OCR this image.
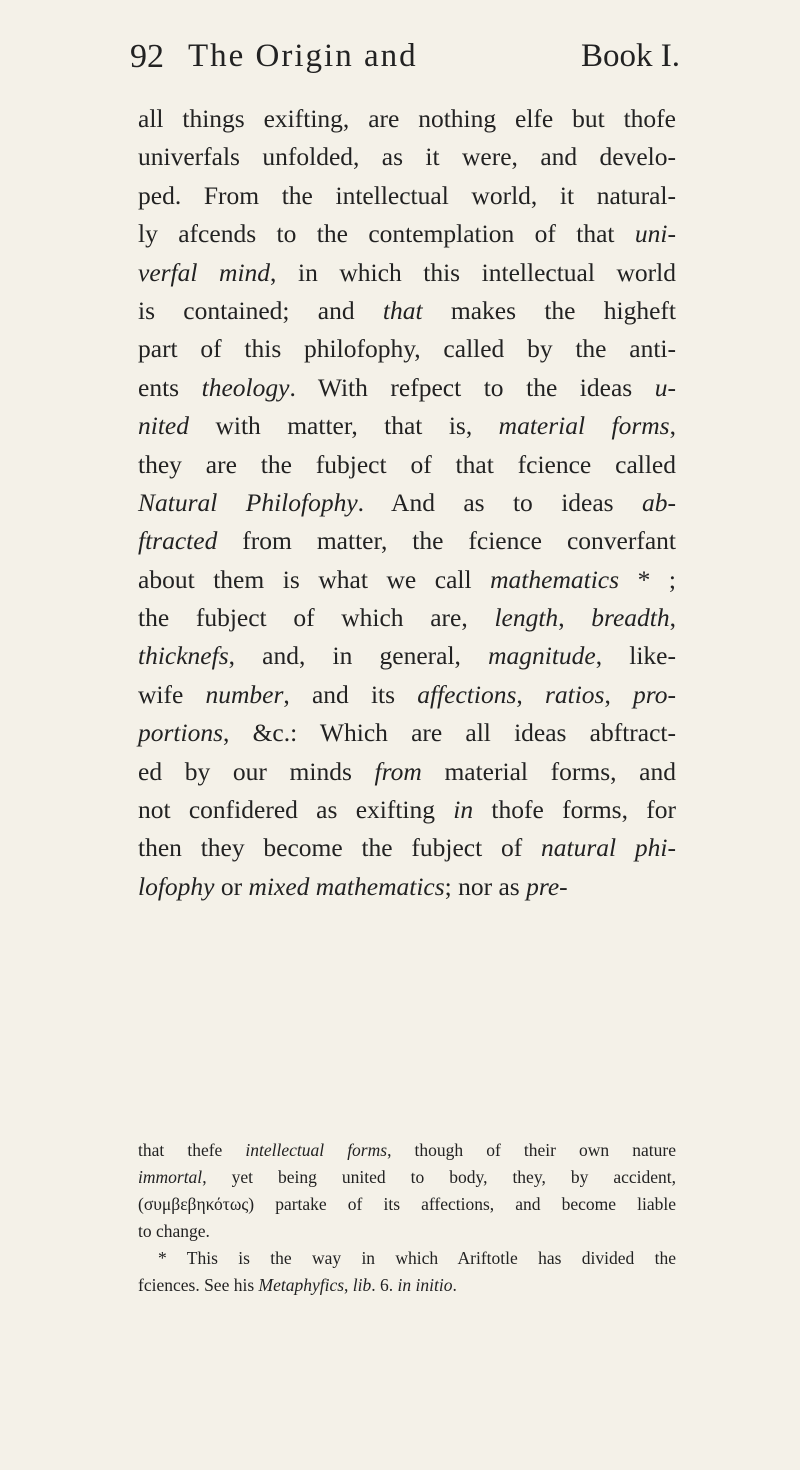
92 The Origin and	Book I.
all things exifting, are nothing elfe but thofe
univerfals unfolded, as it were, and develo-
ped. From the intellectual world, it natural-
ly afcends to the contemplation of that uni-
verfal mind, in which this intellectual world
is contained; and that makes the higheft
part of this philofophy, called by the anti-
ents theology. With refpect to the ideas u-
nited with matter, that is, material forms,
they are the fubject of that fcience called
Natural Philofophy. And as to ideas ab-
ftracted from matter, the fcience converfant
about them is what we call mathematics * ;
the fubject of which are, length, breadth,
thicknefs, and, in general, magnitude, like-
wife number, and its affections, ratios, pro-
portions, &c.: Which are all ideas abftract-
ed by our minds from material forms, and
not confidered as exifting in thofe forms, for
then they become the fubject of natural phi-
lofophy or mixed mathematics; nor as pre-
that thefe intellectual forms, though of their own nature
immortal, yet being united to body, they, by accident,
(συμβεβηκότως) partake of its affections, and become liable
to change.
* This is the way in which Ariftotle has divided the
fciences. See his Metaphyfics, lib. 6. in initio.
